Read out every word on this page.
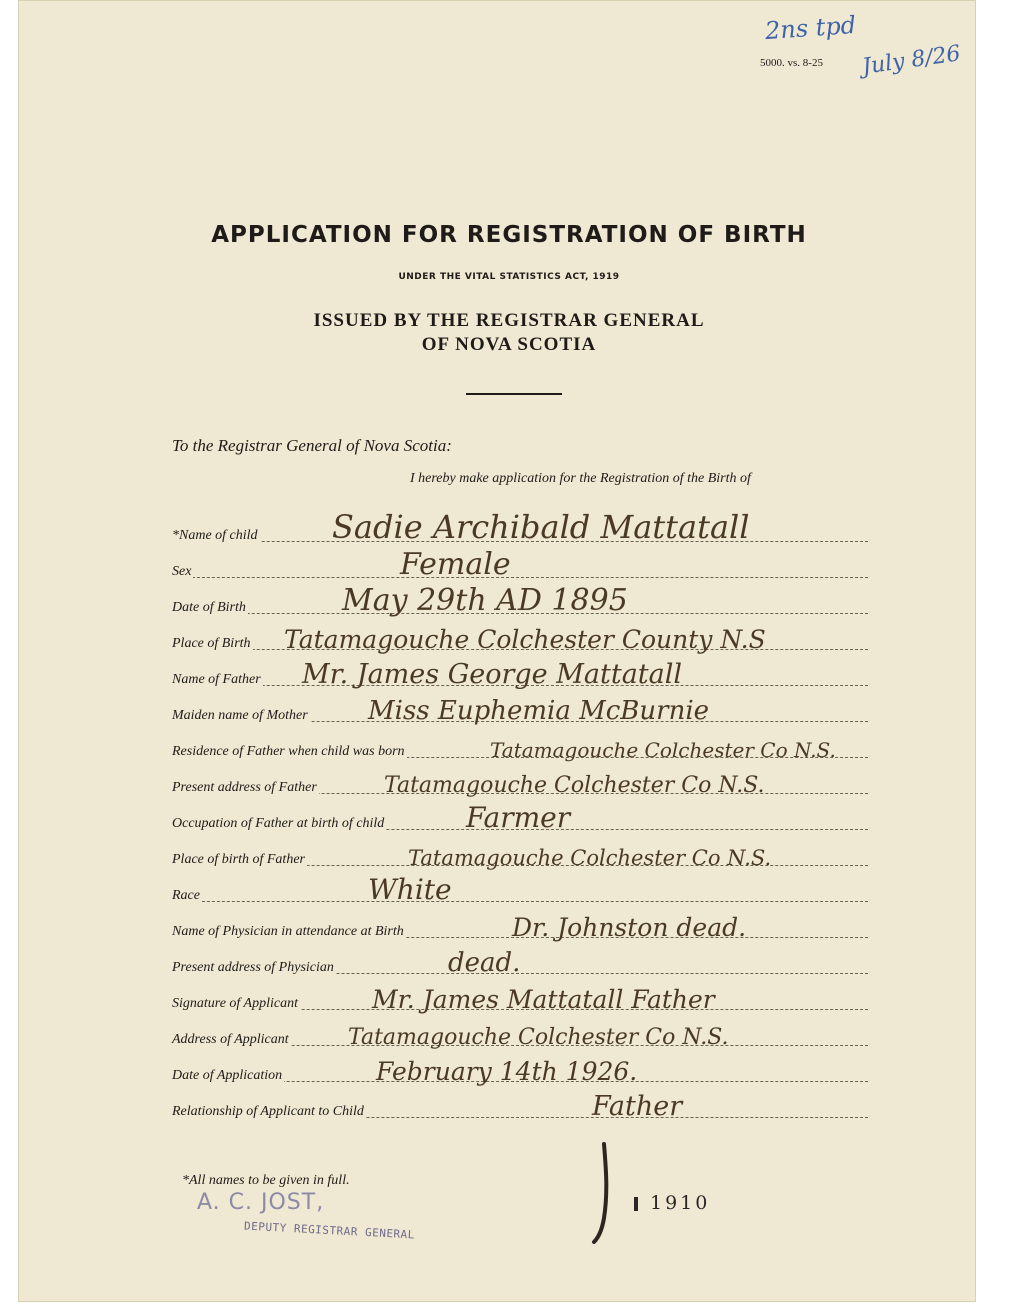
2ns tpd
July 8/26
5000. vs. 8-25
APPLICATION FOR REGISTRATION OF BIRTH
UNDER THE VITAL STATISTICS ACT, 1919
ISSUED BY THE REGISTRAR GENERAL
OF NOVA SCOTIA
To the Registrar General of Nova Scotia:
I hereby make application for the Registration of the Birth of
*Name of child Sadie Archibald Mattatall
Sex	Female
Date of Birth	May 29th AD 1895
Place of Birth Tatamagouche Colchester County N.S
Name of Father Mr. James George Mattatall
Maiden name of Mother Miss Euphemia McBurnie
Residence of Father when child was born	Tatamagouche Colchester Co N.S.
Present address of Father	Tatamagouche Colchester Co N.S.
Occupation of Father at birth of child	Farmer
Place of birth of Father	Tatamagouche Colchester Co N.S.
Race	White
Name of Physician in attendance at Birth	Dr. Johnston dead.
Present address of Physician	dead.
Signature of Applicant	Mr. James Mattatall Father
Address of Applicant	Tatamagouche Colchester Co N.S.
Date of Application	February 14th 1926.
Relationship of Applicant to Child	Father
*All names to be given in full.
A. C. JOST,
DEPUTY REGISTRAR GENERAL
1910
